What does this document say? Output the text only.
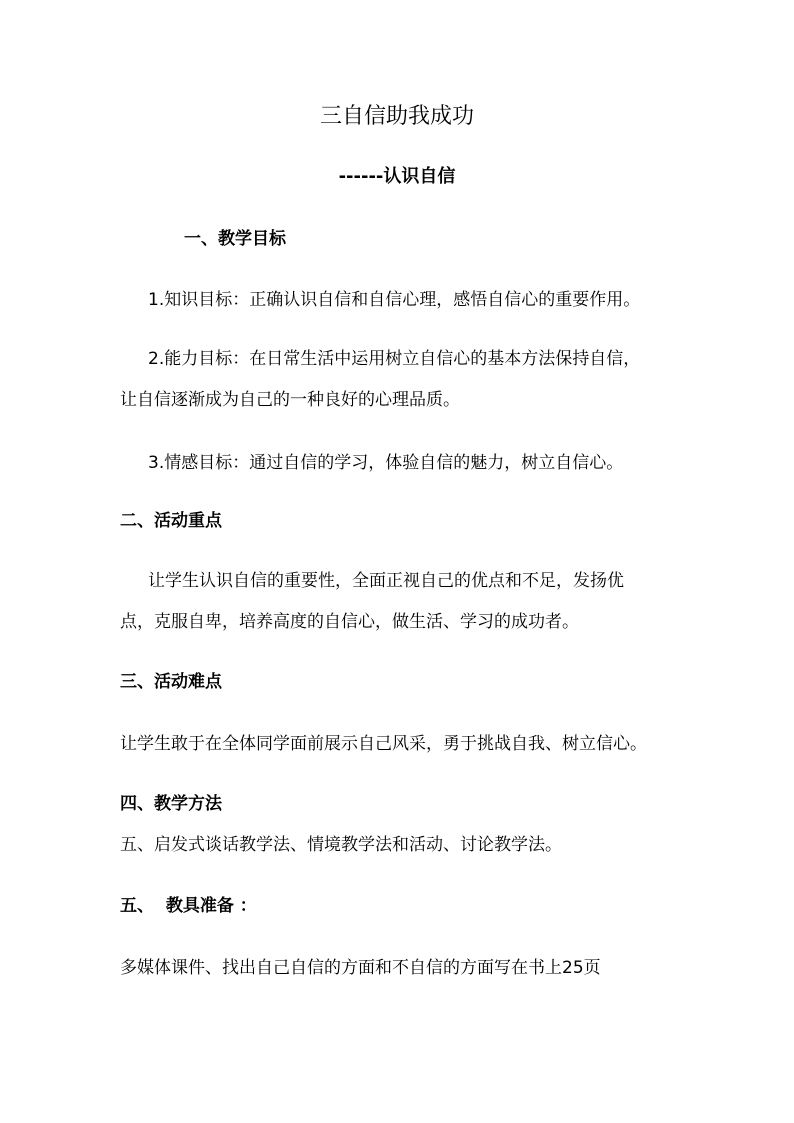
三自信助我成功
------认识自信
一、教学目标
1.知识目标：正确认识自信和自信心理，感悟自信心的重要作用。
2.能力目标：在日常生活中运用树立自信心的基本方法保持自信，
让自信逐渐成为自己的一种良好的心理品质。
3.情感目标：通过自信的学习，体验自信的魅力，树立自信心。
二、活动重点
让学生认识自信的重要性，全面正视自己的优点和不足，发扬优
点，克服自卑，培养高度的自信心，做生活、学习的成功者。
三、活动难点
让学生敢于在全体同学面前展示自己风采，勇于挑战自我、树立信心。
四、教学方法
五、启发式谈话教学法、情境教学法和活动、讨论教学法。
五、  教具准备 ：
多媒体课件、找出自己自信的方面和不自信的方面写在书上25页
